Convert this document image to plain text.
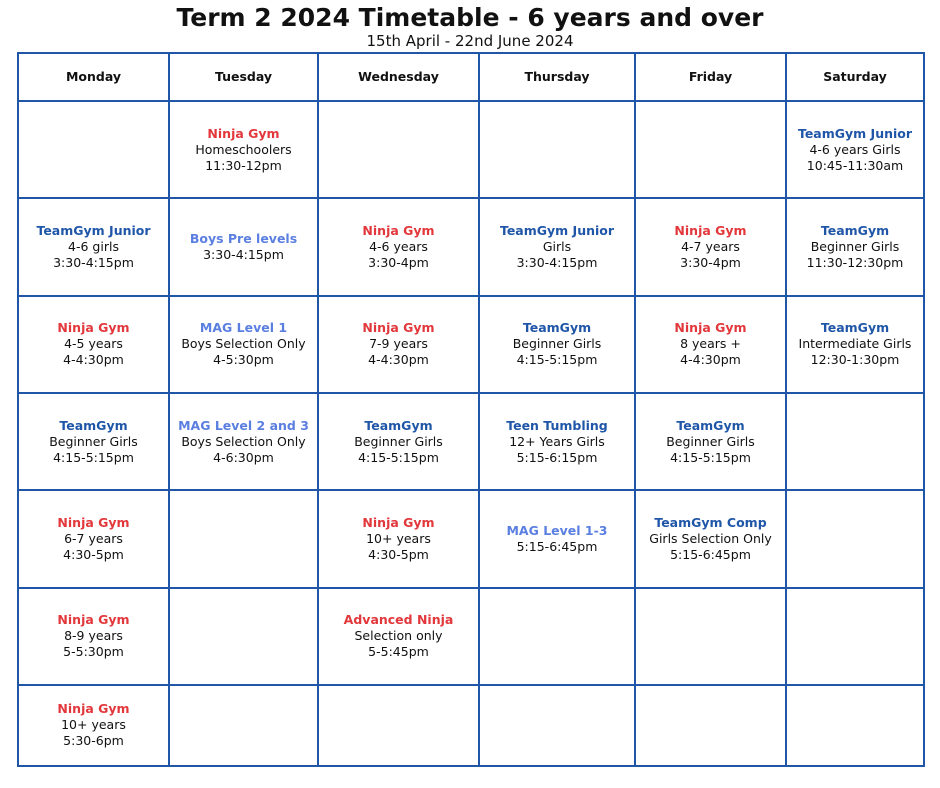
Term 2 2024 Timetable - 6 years and over
15th April - 22nd June 2024
Monday	Tuesday	Wednesday	Thursday	Friday	Saturday

	Ninja Gym
Homeschoolers
11:30-12pm				TeamGym Junior
4-6 years Girls
10:45-11:30am

TeamGym Junior
4-6 girls
3:30-4:15pm	Boys Pre levels
3:30-4:15pm	Ninja Gym
4-6 years
3:30-4pm	TeamGym Junior
Girls
3:30-4:15pm	Ninja Gym
4-7 years
3:30-4pm	TeamGym
Beginner Girls
11:30-12:30pm

Ninja Gym
4-5 years
4-4:30pm	MAG Level 1
Boys Selection Only
4-5:30pm	Ninja Gym
7-9 years
4-4:30pm	TeamGym
Beginner Girls
4:15-5:15pm	Ninja Gym
8 years +
4-4:30pm	TeamGym
Intermediate Girls
12:30-1:30pm

TeamGym
Beginner Girls
4:15-5:15pm	MAG Level 2 and 3
Boys Selection Only
4-6:30pm	TeamGym
Beginner Girls
4:15-5:15pm	Teen Tumbling
12+ Years Girls
5:15-6:15pm	TeamGym
Beginner Girls
4:15-5:15pm	

Ninja Gym
6-7 years
4:30-5pm		Ninja Gym
10+ years
4:30-5pm	MAG Level 1-3
5:15-6:45pm	TeamGym Comp
Girls Selection Only
5:15-6:45pm	

Ninja Gym
8-9 years
5-5:30pm		Advanced Ninja
Selection only
5-5:45pm			

Ninja Gym
10+ years
5:30-6pm					
